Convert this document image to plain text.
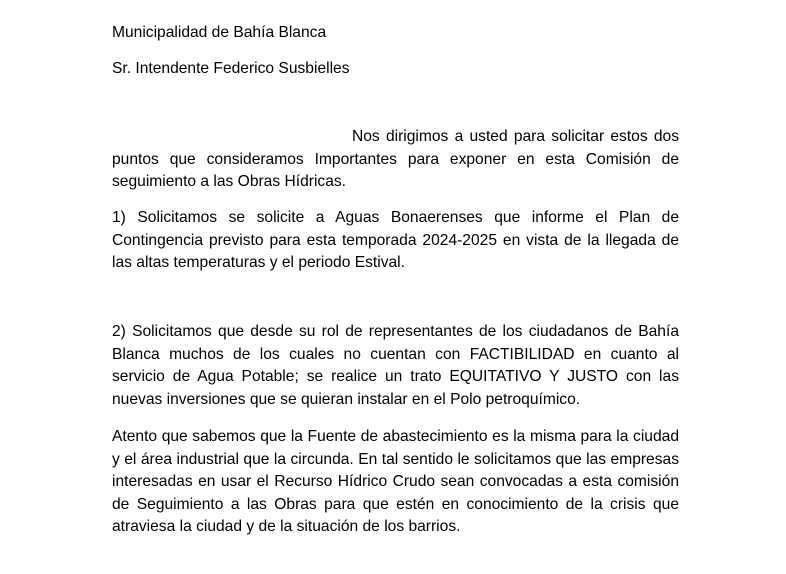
Municipalidad de Bahía Blanca
Sr. Intendente Federico Susbielles
Nos dirigimos a usted para solicitar estos dos puntos que consideramos Importantes para exponer en esta Comisión de seguimiento a las Obras Hídricas.
1) Solicitamos se solicite a Aguas Bonaerenses que informe el Plan de Contingencia previsto para esta temporada 2024-2025 en vista de la llegada de las altas temperaturas y el periodo Estival.
2) Solicitamos que desde su rol de representantes de los ciudadanos de Bahía Blanca muchos de los cuales no cuentan con FACTIBILIDAD en cuanto al servicio de Agua Potable; se realice un trato EQUITATIVO Y JUSTO con las nuevas inversiones que se quieran instalar en el Polo petroquímico.
Atento que sabemos que la Fuente de abastecimiento es la misma para la ciudad y el área industrial que la circunda. En tal sentido le solicitamos que las empresas interesadas en usar el Recurso Hídrico Crudo sean convocadas a esta comisión de Seguimiento a las Obras para que estén en conocimiento de la crisis que atraviesa la ciudad y de la situación de los barrios.
